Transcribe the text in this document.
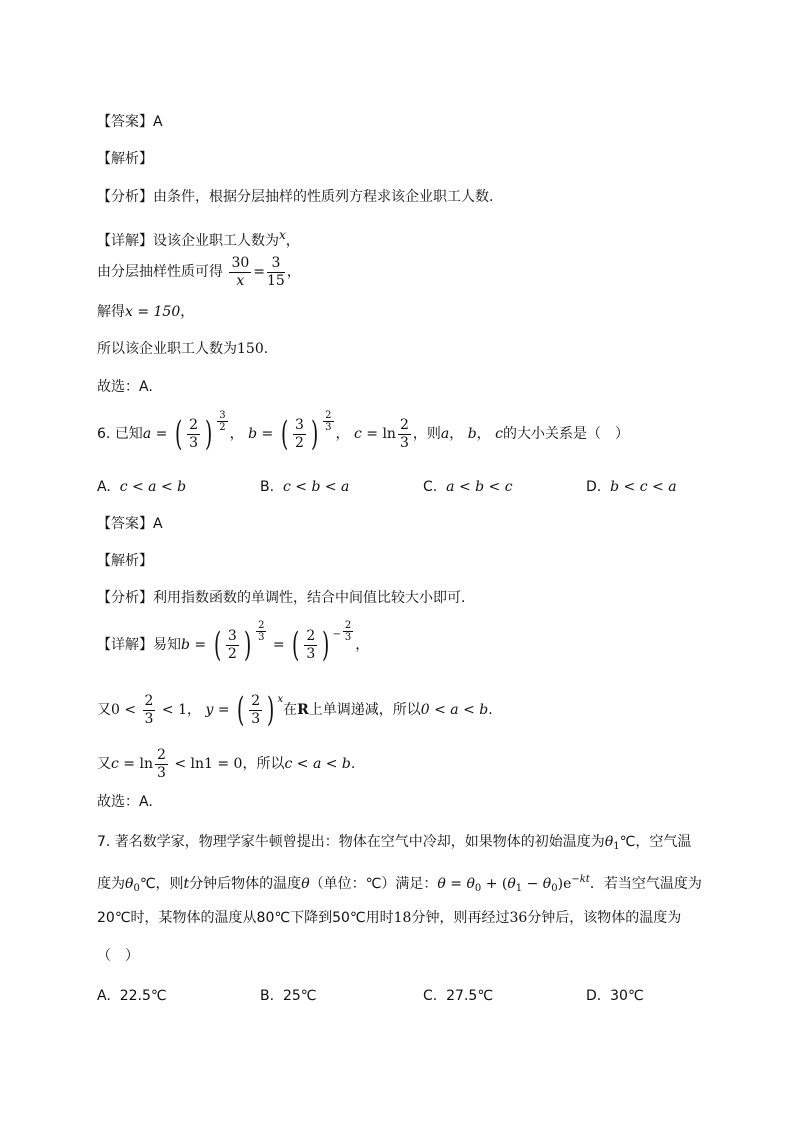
【答案】A
【解析】
【分析】由条件，根据分层抽样的性质列方程求该企业职工人数.
【详解】设该企业职工人数为x，
由分层抽样性质可得 $\frac{30}{x} = \frac{3}{15}$ ，
解得x = 150，
所以该企业职工人数为150.
故选：A.
6. 已知a = ( $\frac{2}{3}$ ) $\frac{3}{2}$
， b = ( $\frac{3}{2}$ ) $\frac{2}{3}$
， $c = \ln \frac{2}{3}$ ，则a， b， c的大小关系是（　）
A. c < a < b	B. c < b < a	C. a < b < c	D. b < c < a
【答案】A
【解析】
【分析】利用指数函数的单调性，结合中间值比较大小即可.
【详解】易知b = ( $\frac{3}{2}$ ) $\frac{2}{3}$
= ( $\frac{2}{3}$ ) − $\frac{2}{3}$
，
又$0 < \frac{2}{3} < 1$， y = ( $\frac{2}{3}$ ) x在R上单调递减，所以0 < a < b.
又$c = \ln \frac{2}{3} < \ln 1 = 0$，所以c < a < b.
故选：A.
7. 著名数学家，物理学家牛顿曾提出：物体在空气中冷却，如果物体的初始温度为$\theta_1℃$，空气温
度为$\theta_0℃$，则t分钟后物体的温度θ（单位：℃）满足：$\theta = \theta_0 + (\theta_1 - \theta_0)e^{-kt}$．若当空气温度为
20℃时，某物体的温度从80℃下降到50℃用时18分钟，则再经过36分钟后，该物体的温度为
（　）
A. 22.5℃	B. 25℃	C. 27.5℃	D. 30℃
